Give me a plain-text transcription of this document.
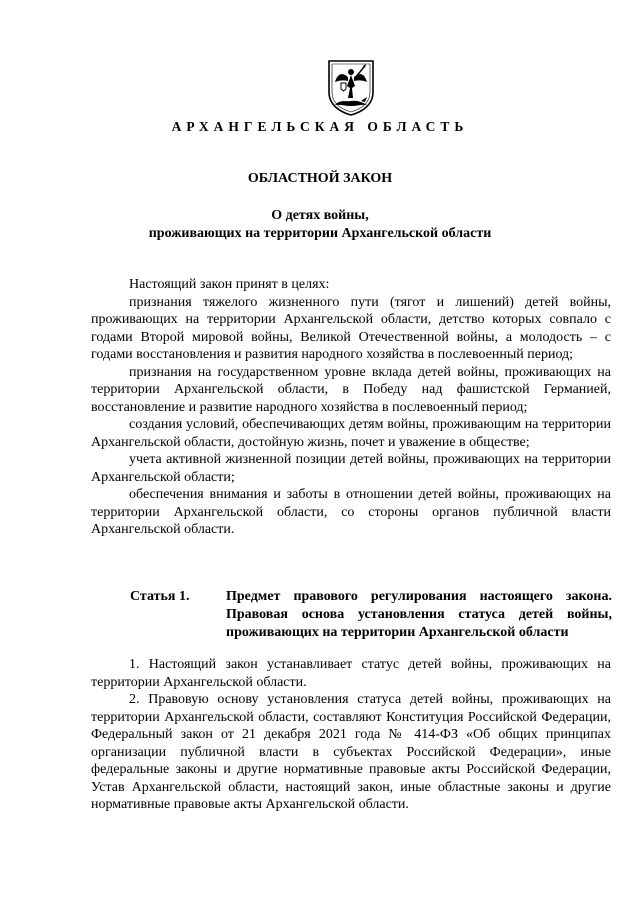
АРХАНГЕЛЬСКАЯ ОБЛАСТЬ
ОБЛАСТНОЙ ЗАКОН
О детях войны,
проживающих на территории Архангельской области

Настоящий закон принят в целях:

признания тяжелого жизненного пути (тягот и лишений) детей войны, проживающих на территории Архангельской области, детство которых совпало с годами Второй мировой войны, Великой Отечественной войны, а молодость – с годами восстановления и развития народного хозяйства в послевоенный период;

признания на государственном уровне вклада детей войны, проживающих на территории Архангельской области, в Победу над фашистской Германией, восстановление и развитие народного хозяйства в послевоенный период;

создания условий, обеспечивающих детям войны, проживающим на территории Архангельской области, достойную жизнь, почет и уважение в обществе;

учета активной жизненной позиции детей войны, проживающих на территории Архангельской области;

обеспечения внимания и заботы в отношении детей войны, проживающих на территории Архангельской области, со стороны органов публичной власти Архангельской области.

Статья 1.	Предмет правового регулирования настоящего закона. Правовая основа установления статуса детей войны, проживающих на территории Архангельской области

1. Настоящий закон устанавливает статус детей войны, проживающих на территории Архангельской области.

2. Правовую основу установления статуса детей войны, проживающих на территории Архангельской области, составляют Конституция Российской Федерации, Федеральный закон от 21 декабря 2021 года № 414-ФЗ «Об общих принципах организации публичной власти в субъектах Российской Федерации», иные федеральные законы и другие нормативные правовые акты Российской Федерации, Устав Архангельской области, настоящий закон, иные областные законы и другие нормативные правовые акты Архангельской области.
